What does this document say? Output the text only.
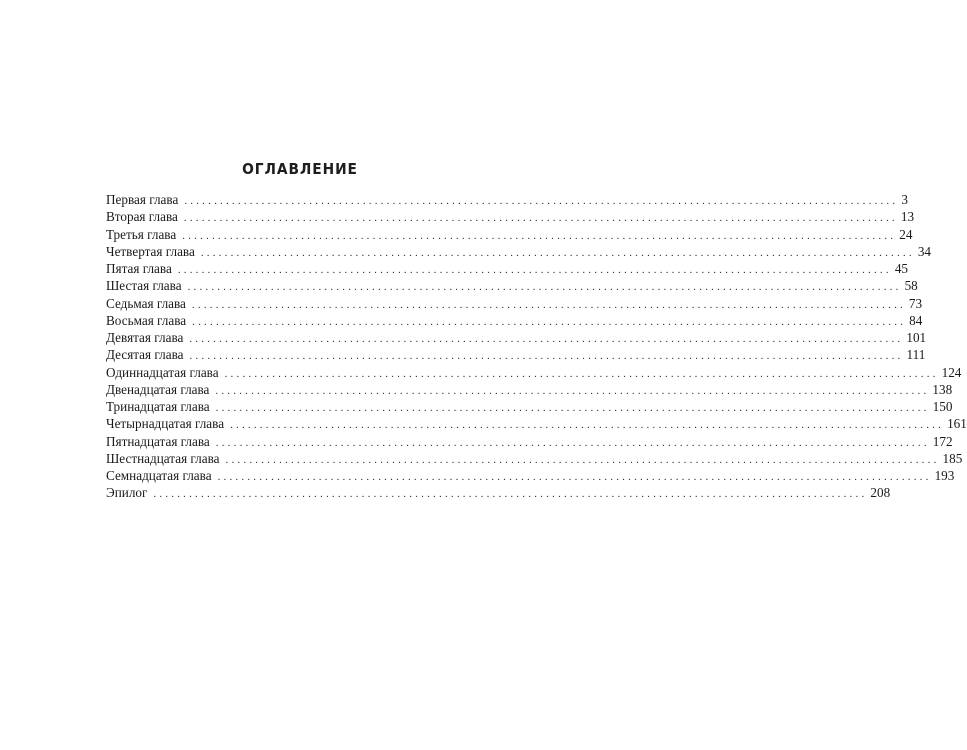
ОГЛАВЛЕНИЕ
Первая глава ........................................................................................................................ 3
Вторая глава ........................................................................................................................ 13
Третья глава ........................................................................................................................ 24
Четвертая глава ........................................................................................................................ 34
Пятая глава ........................................................................................................................ 45
Шестая глава ........................................................................................................................ 58
Седьмая глава ........................................................................................................................ 73
Восьмая глава ........................................................................................................................ 84
Девятая глава ........................................................................................................................ 101
Десятая глава ........................................................................................................................ 111
Одиннадцатая глава ........................................................................................................................ 124
Двенадцатая глава ........................................................................................................................ 138
Тринадцатая глава ........................................................................................................................ 150
Четырнадцатая глава ........................................................................................................................ 161
Пятнадцатая глава ........................................................................................................................ 172
Шестнадцатая глава ........................................................................................................................ 185
Семнадцатая глава ........................................................................................................................ 193
Эпилог ........................................................................................................................ 208
